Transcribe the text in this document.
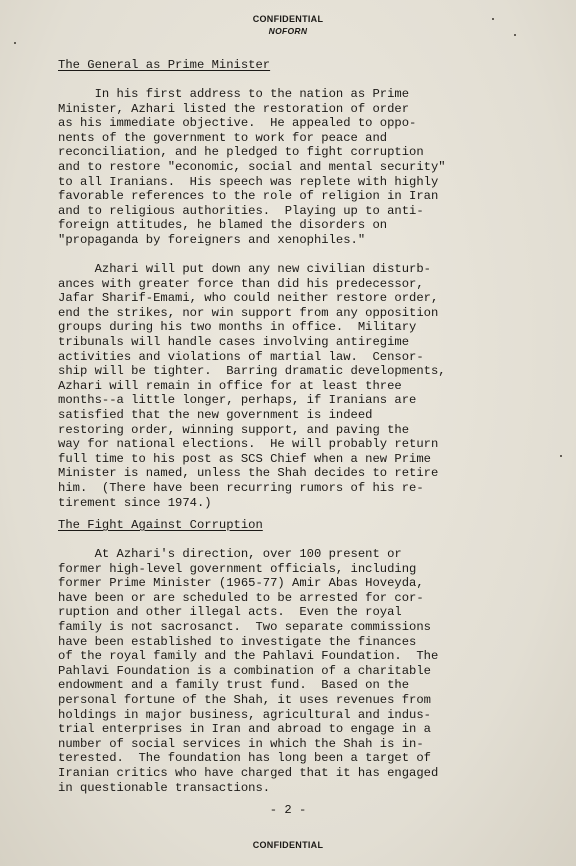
CONFIDENTIAL
NOFORN
The General as Prime Minister
In his first address to the nation as Prime
Minister, Azhari listed the restoration of order
as his immediate objective.  He appealed to oppo-
nents of the government to work for peace and
reconciliation, and he pledged to fight corruption
and to restore "economic, social and mental security"
to all Iranians.  His speech was replete with highly
favorable references to the role of religion in Iran
and to religious authorities.  Playing up to anti-
foreign attitudes, he blamed the disorders on
"propaganda by foreigners and xenophiles."
Azhari will put down any new civilian disturb-
ances with greater force than did his predecessor,
Jafar Sharif-Emami, who could neither restore order,
end the strikes, nor win support from any opposition
groups during his two months in office.  Military
tribunals will handle cases involving antiregime
activities and violations of martial law.  Censor-
ship will be tighter.  Barring dramatic developments,
Azhari will remain in office for at least three
months--a little longer, perhaps, if Iranians are
satisfied that the new government is indeed
restoring order, winning support, and paving the
way for national elections.  He will probably return
full time to his post as SCS Chief when a new Prime
Minister is named, unless the Shah decides to retire
him.  (There have been recurring rumors of his re-
tirement since 1974.)
The Fight Against Corruption
At Azhari's direction, over 100 present or
former high-level government officials, including
former Prime Minister (1965-77) Amir Abas Hoveyda,
have been or are scheduled to be arrested for cor-
ruption and other illegal acts.  Even the royal
family is not sacrosanct.  Two separate commissions
have been established to investigate the finances
of the royal family and the Pahlavi Foundation.  The
Pahlavi Foundation is a combination of a charitable
endowment and a family trust fund.  Based on the
personal fortune of the Shah, it uses revenues from
holdings in major business, agricultural and indus-
trial enterprises in Iran and abroad to engage in a
number of social services in which the Shah is in-
terested.  The foundation has long been a target of
Iranian critics who have charged that it has engaged
in questionable transactions.
- 2 -
CONFIDENTIAL
